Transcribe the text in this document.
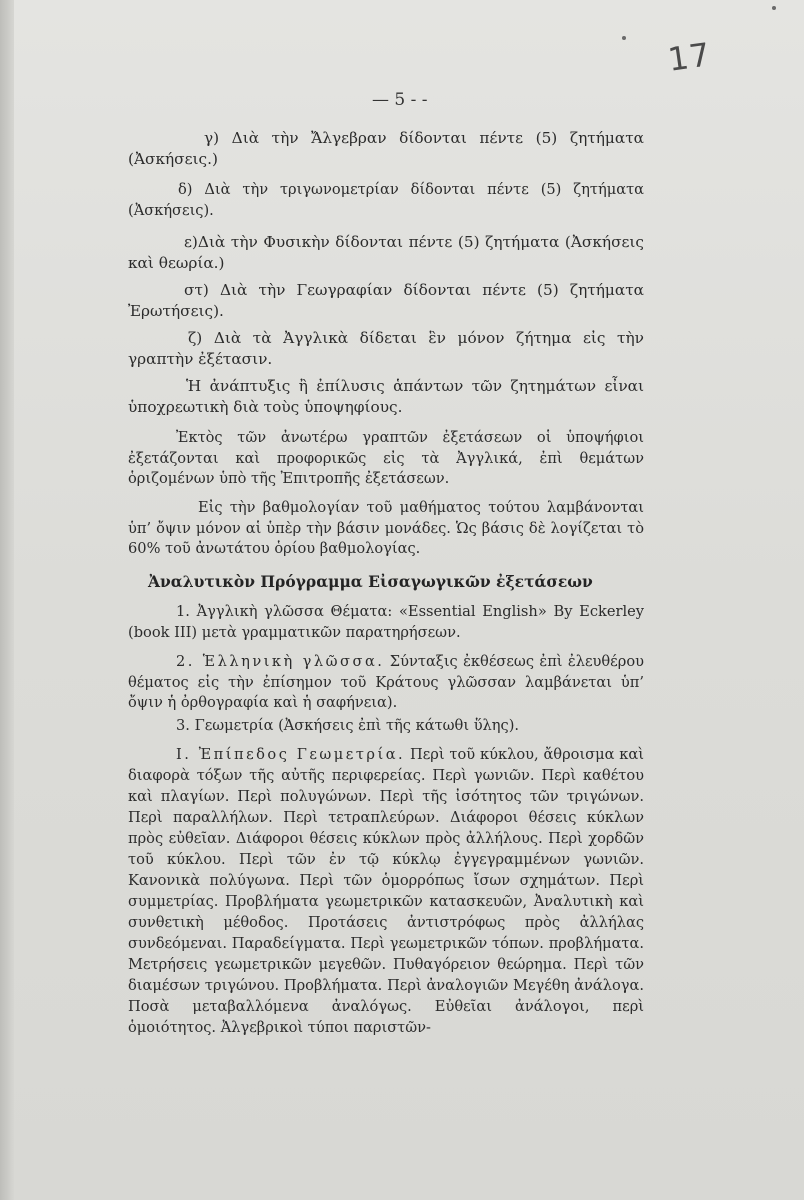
17
— 5 - -

γ) Διὰ τὴν Ἄλγεβραν δίδονται πέντε (5) ζητήματα (Ἀσκήσεις.)

δ) Διὰ τὴν τριγωνομετρίαν δίδονται πέντε (5) ζητήματα (Ἀσκήσεις).

ε)Διὰ τὴν Φυσικὴν δίδονται πέντε (5) ζητήματα (Ἀσκήσεις καὶ θεωρία.)

στ) Διὰ τὴν Γεωγραφίαν δίδονται πέντε (5) ζητήματα Ἐρωτήσεις).

ζ) Διὰ τὰ Ἀγγλικὰ δίδεται ἓν μόνον ζήτημα εἰς τὴν γραπτὴν ἐξέτασιν.

Ἡ ἀνάπτυξις ἢ ἐπίλυσις ἁπάντων τῶν ζητημάτων εἶναι ὑποχρεωτικὴ διὰ τοὺς ὑποψηφίους.

Ἐκτὸς τῶν ἀνωτέρω γραπτῶν ἐξετάσεων οἱ ὑποψήφιοι ἐξετάζονται καὶ προφορικῶς εἰς τὰ Ἀγγλικά, ἐπὶ θεμάτων ὁριζομένων ὑπὸ τῆς Ἐπιτροπῆς ἐξετάσεων.

Εἰς τὴν βαθμολογίαν τοῦ μαθήματος τούτου λαμβάνονται ὑπ’ ὄψιν μόνον αἱ ὑπὲρ τὴν βάσιν μονάδες. Ὡς βάσις δὲ λογίζεται τὸ 60% τοῦ ἀνωτάτου ὁρίου βαθμολογίας.

Ἀναλυτικὸν Πρόγραμμα Εἰσαγωγικῶν ἐξετάσεων

1. Ἀγγλικὴ γλῶσσα Θέματα: «Essential English» By Eckerley (book III) μετὰ γραμματικῶν παρατηρήσεων.

2. Ἑλληνικὴ γλῶσσα. Σύνταξις ἐκθέσεως ἐπὶ ἐλευθέρου θέματος εἰς τὴν ἐπίσημον τοῦ Κράτους γλῶσσαν λαμβάνεται ὑπ’ ὄψιν ἡ ὀρθογραφία καὶ ἡ σαφήνεια).

3. Γεωμετρία (Ἀσκήσεις ἐπὶ τῆς κάτωθι ὕλης).

Ι. Ἐπίπεδος Γεωμετρία. Περὶ τοῦ κύκλου, ἄθροισμα καὶ διαφορὰ τόξων τῆς αὐτῆς περιφερείας. Περὶ γωνιῶν. Περὶ καθέτου καὶ πλαγίων. Περὶ πολυγώνων. Περὶ τῆς ἰσότητος τῶν τριγώνων. Περὶ παραλλήλων. Περὶ τετραπλεύρων. Διάφοροι θέσεις κύκλων πρὸς εὐθεῖαν. Διάφοροι θέσεις κύκλων πρὸς ἀλλήλους. Περὶ χορδῶν τοῦ κύκλου. Περὶ τῶν ἐν τῷ κύκλῳ ἐγγεγραμμένων γωνιῶν. Κανονικὰ πολύγωνα. Περὶ τῶν ὁμορρόπως ἴσων σχημάτων. Περὶ συμμετρίας. Προβλήματα γεωμετρικῶν κατασκευῶν, Ἀναλυτικὴ καὶ συνθετικὴ μέθοδος. Προτάσεις ἀντιστρόφως πρὸς ἀλλήλας συνδεόμεναι. Παραδείγματα. Περὶ γεωμετρικῶν τόπων. προβλήματα. Μετρήσεις γεωμετρικῶν μεγεθῶν. Πυθαγόρειον θεώρημα. Περὶ τῶν διαμέσων τριγώνου. Προβλήματα. Περὶ ἀναλογιῶν Μεγέθη ἀνάλογα. Ποσὰ μεταβαλλόμενα ἀναλόγως. Εὐθεῖαι ἀνάλογοι, περὶ ὁμοιότητος. Ἀλγεβρικοὶ τύποι παριστῶν-
